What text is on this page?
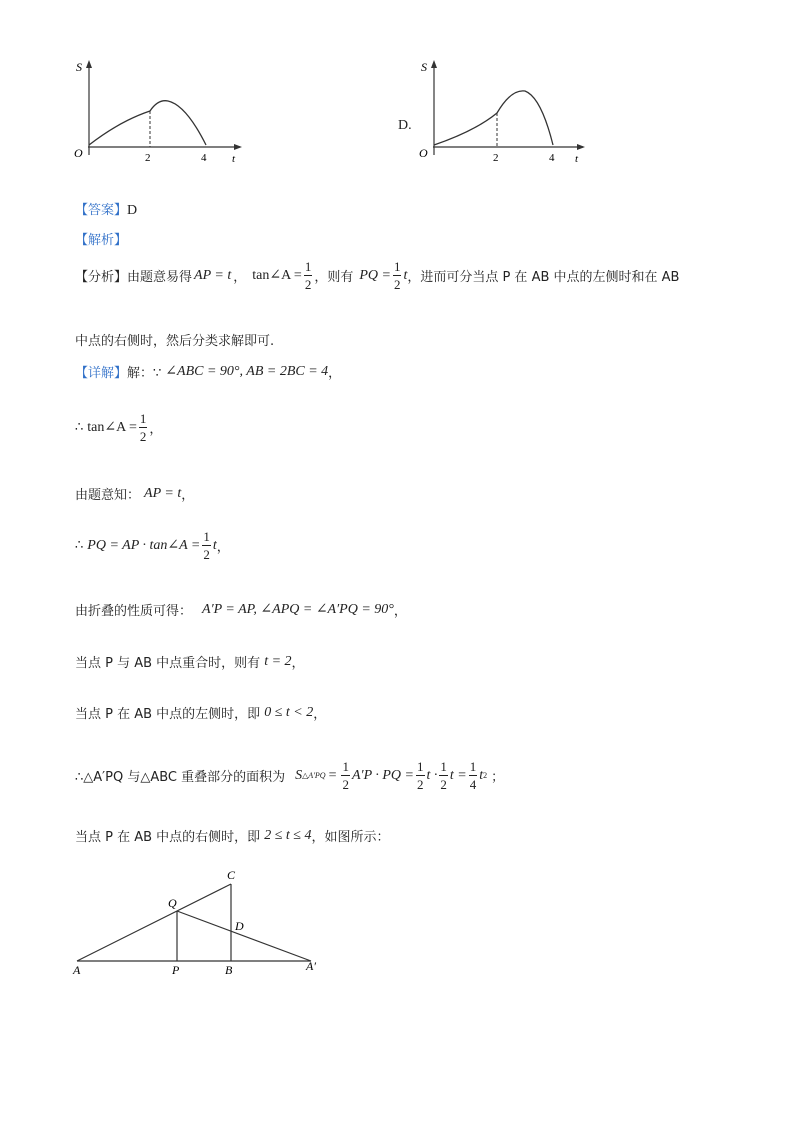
S
O	2	4 t
D.
S
O	2	4 t
【答案】D
【解析】
【分析】 由题意易得 AP = t ， tan∠A = $\frac{1}{2}$ ，则有 PQ = $\frac{1}{2}$ t ，进而可分当点 P 在 AB 中点的左侧时和在 AB
中点的右侧时，然后分类求解即可.
【详解】 解：∵ ∠ABC = 90°, AB = 2BC = 4 ，
∴ tan∠A = $\frac{1}{2}$ ，
由题意知： AP = t ，
∴ PQ = AP · tan∠A = $\frac{1}{2}$ t ，
由折叠的性质可得： A′P = AP, ∠APQ = ∠A′PQ = 90° ，
当点 P 与 AB 中点重合时，则有 t = 2 ，
当点 P 在 AB 中点的左侧时，即 0 ≤ t < 2 ，
∴△A′PQ 与△ABC 重叠部分的面积为 S △A′PQ = $\frac{1}{2} A'P$ · PQ = $\frac{1}{2}$ $t \cdot \frac{1}{2}$ $t = \frac{1}{4}$ t 2 ；
当点 P 在 AB 中点的右侧时，即 2 ≤ t ≤ 4 ，如图所示：
A	P	B	A′
C
Q
D
